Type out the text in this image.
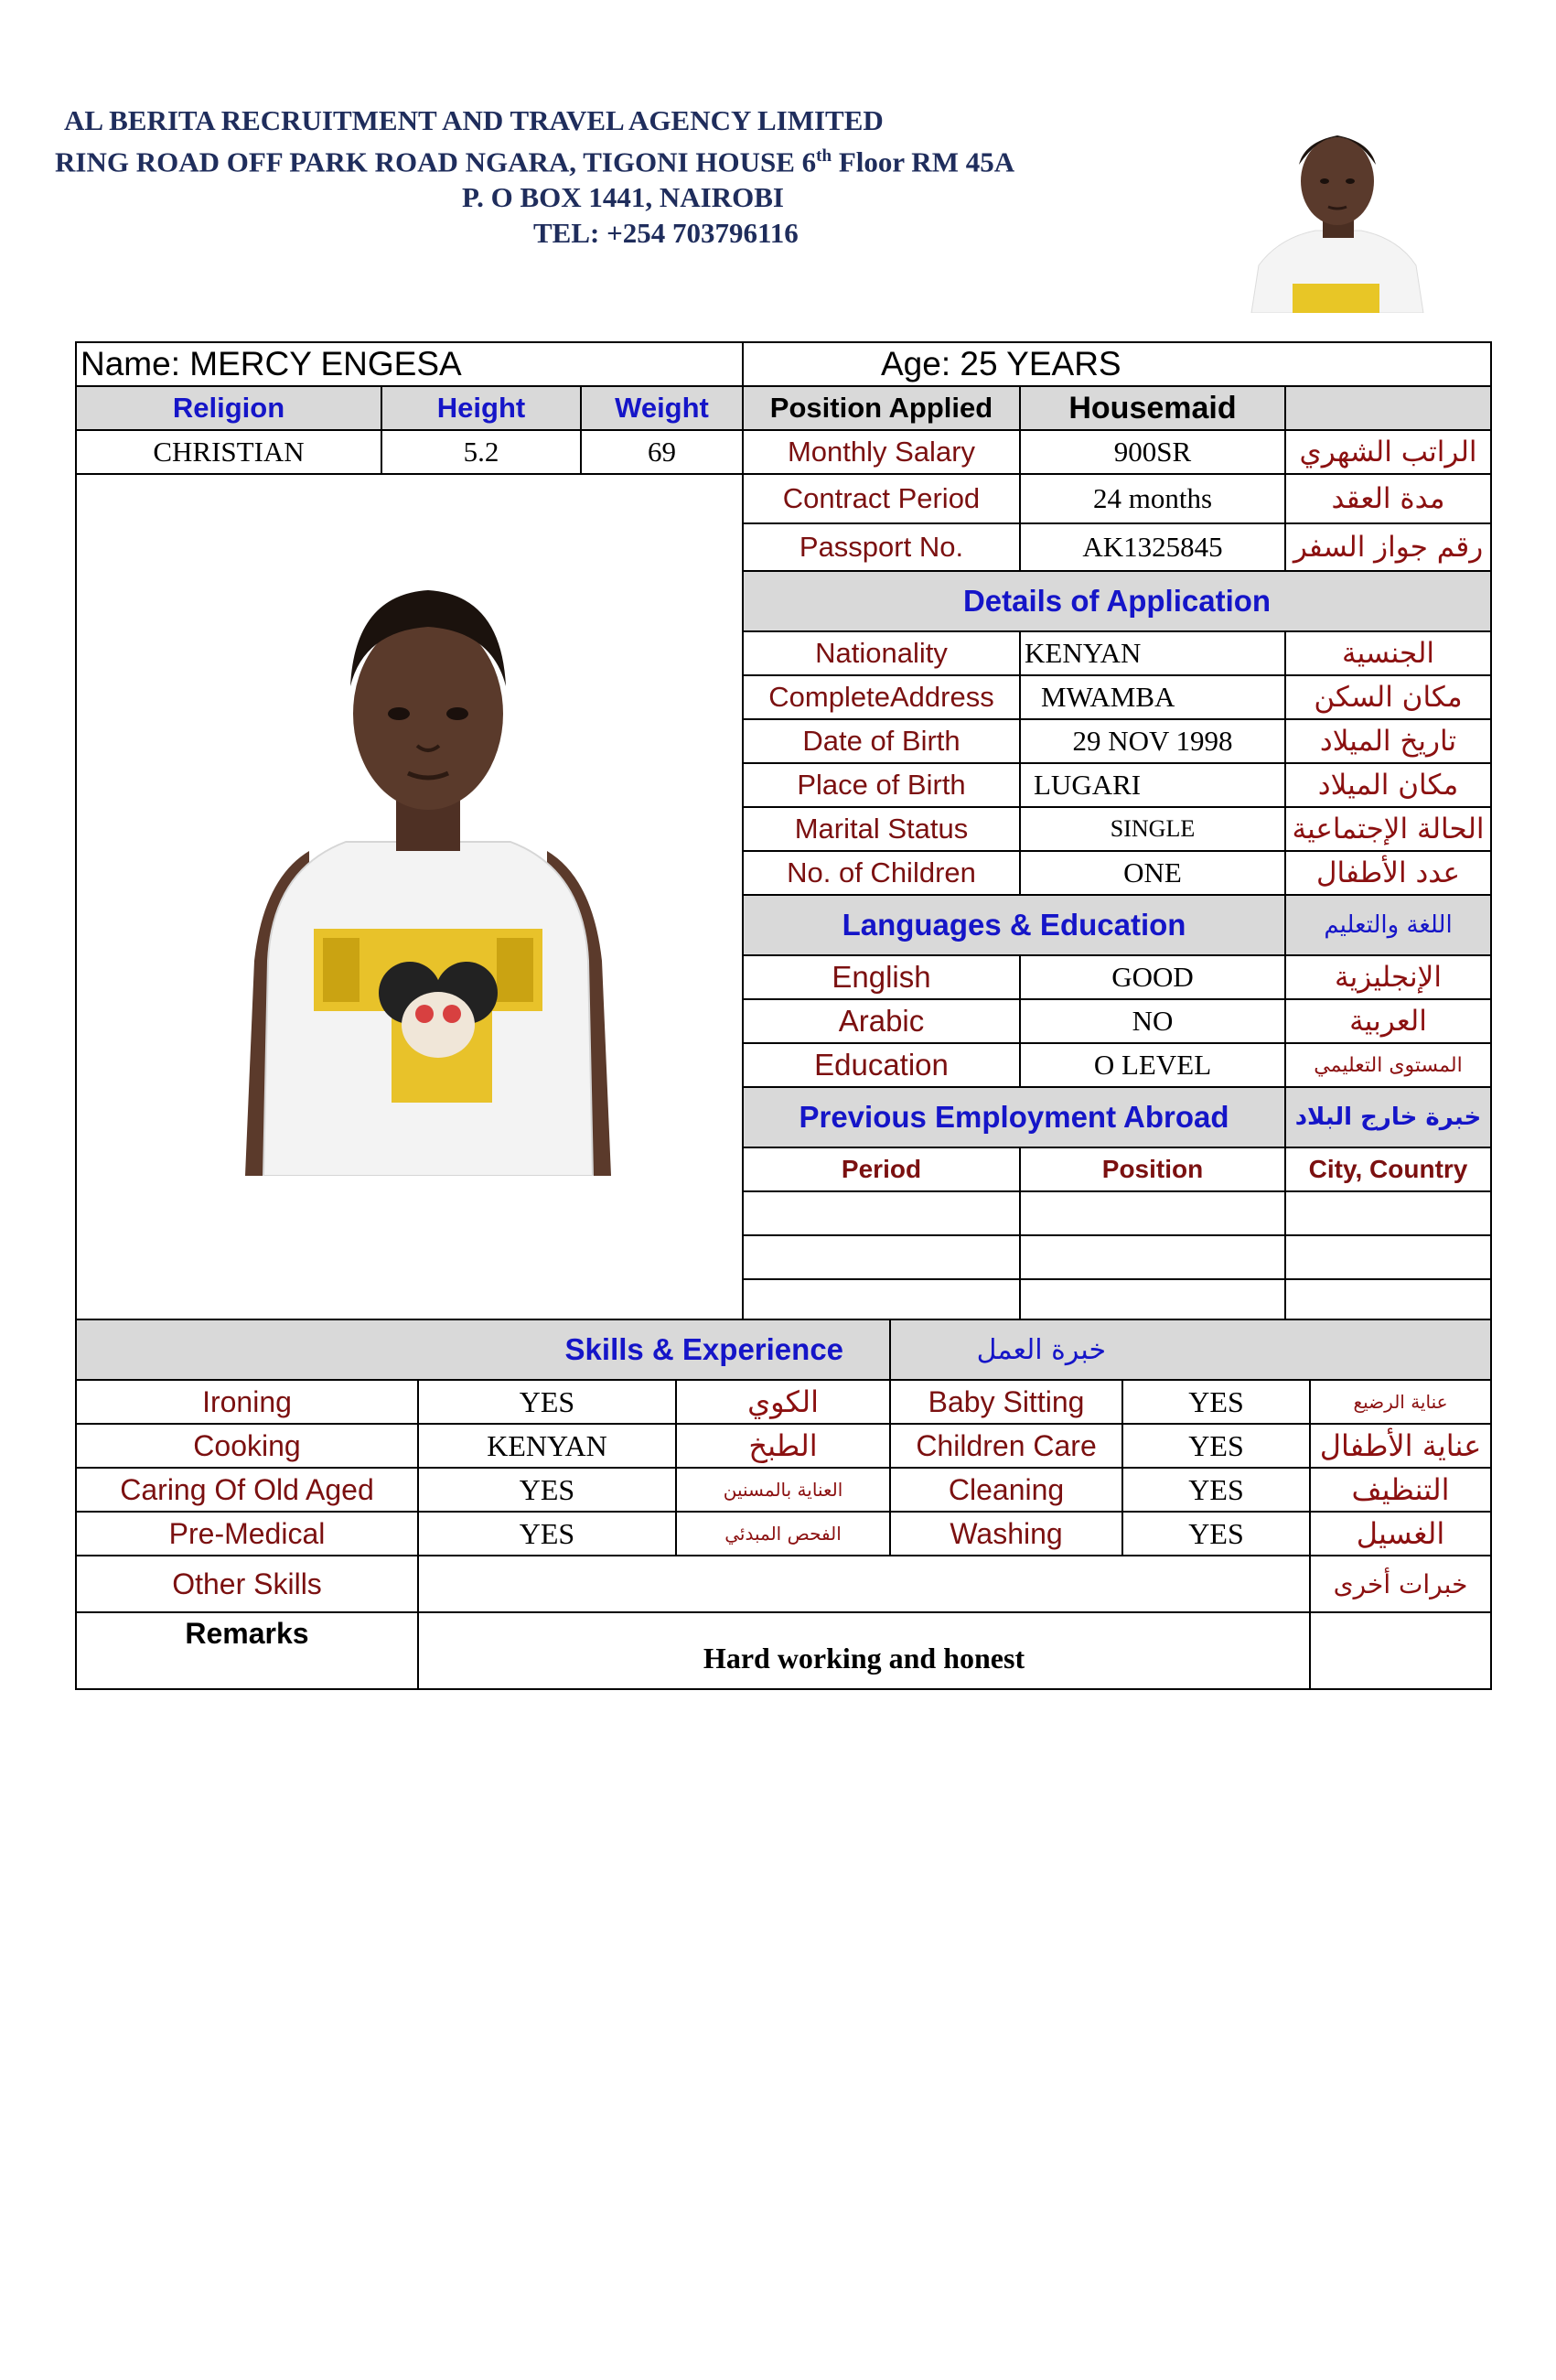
AL BERITA RECRUITMENT AND TRAVEL AGENCY LIMITED
RING ROAD OFF PARK ROAD NGARA, TIGONI HOUSE 6th Floor RM 45A
P. O BOX 1441, NAIROBI
TEL: +254 703796116
Name: MERCY ENGESA			Age: 25 YEARS		
Religion	Height	Weight	Position Applied	Housemaid	
CHRISTIAN	5.2	69	Monthly Salary	900SR	الراتب الشهري
			Contract Period	24 months	مدة العقد
			Passport No.	AK1325845	رقم جواز السفر
			Details of Application		
			Nationality	KENYAN	الجنسية
			CompleteAddress	MWAMBA	مكان السكن
			Date of Birth	29 NOV 1998	تاريخ الميلاد
			Place of Birth	LUGARI	مكان الميلاد
			Marital Status	SINGLE	الحالة الإجتماعية
			No. of Children	ONE	عدد الأطفال
			Languages & Education		اللغة والتعليم
			English	GOOD	الإنجليزية
			Arabic	NO	العربية
			Education	O LEVEL	المستوى التعليمي
			Previous Employment Abroad		خبرة خارج البلاد
			Period	Position	City, Country

Skills & Experience			خبرة العمل		
Ironing	YES	الكوي	Baby Sitting	YES	عناية الرضيع
Cooking	KENYAN	الطبخ	Children Care	YES	عناية الأطفال
Caring Of Old Aged	YES	العناية بالمسنين	Cleaning	YES	التنظيف
Pre-Medical	YES	الفحص المبدئي	Washing	YES	الغسيل
Other Skills					خبرات أخرى
Remarks	Hard working and honest				
